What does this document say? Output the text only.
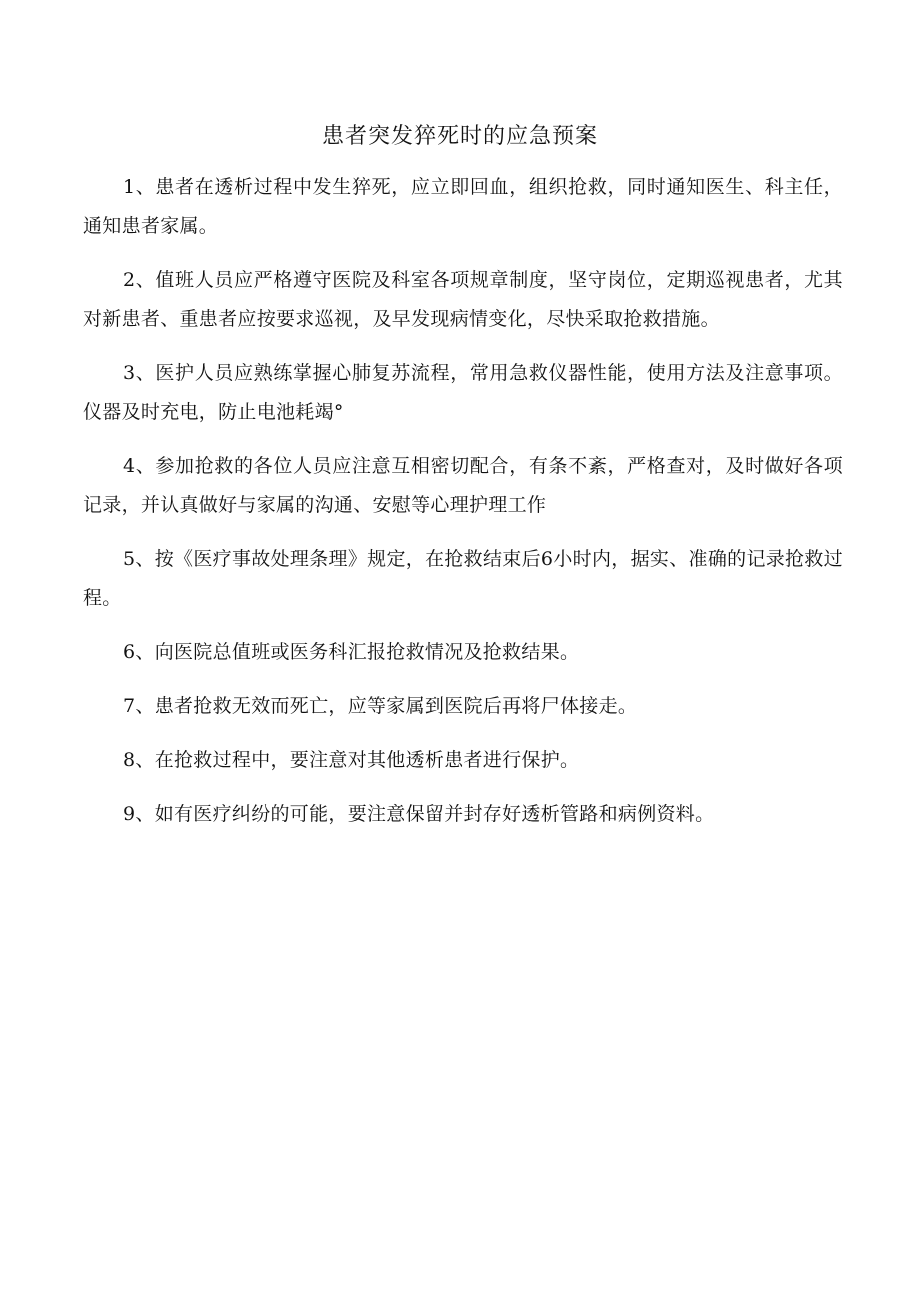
患者突发猝死时的应急预案

1、患者在透析过程中发生猝死，应立即回血，组织抢救，同时通知医生、科主任，通知患者家属。

2、值班人员应严格遵守医院及科室各项规章制度，坚守岗位，定期巡视患者，尤其对新患者、重患者应按要求巡视，及早发现病情变化，尽快采取抢救措施。

3、医护人员应熟练掌握心肺复苏流程，常用急救仪器性能，使用方法及注意事项。仪器及时充电，防止电池耗竭°

4、参加抢救的各位人员应注意互相密切配合，有条不紊，严格查对，及时做好各项记录，并认真做好与家属的沟通、安慰等心理护理工作

5、按《医疗事故处理条理》规定，在抢救结束后6小时内，据实、准确的记录抢救过程。

6、向医院总值班或医务科汇报抢救情况及抢救结果。

7、患者抢救无效而死亡，应等家属到医院后再将尸体接走。

8、在抢救过程中，要注意对其他透析患者进行保护。

9、如有医疗纠纷的可能，要注意保留并封存好透析管路和病例资料。
